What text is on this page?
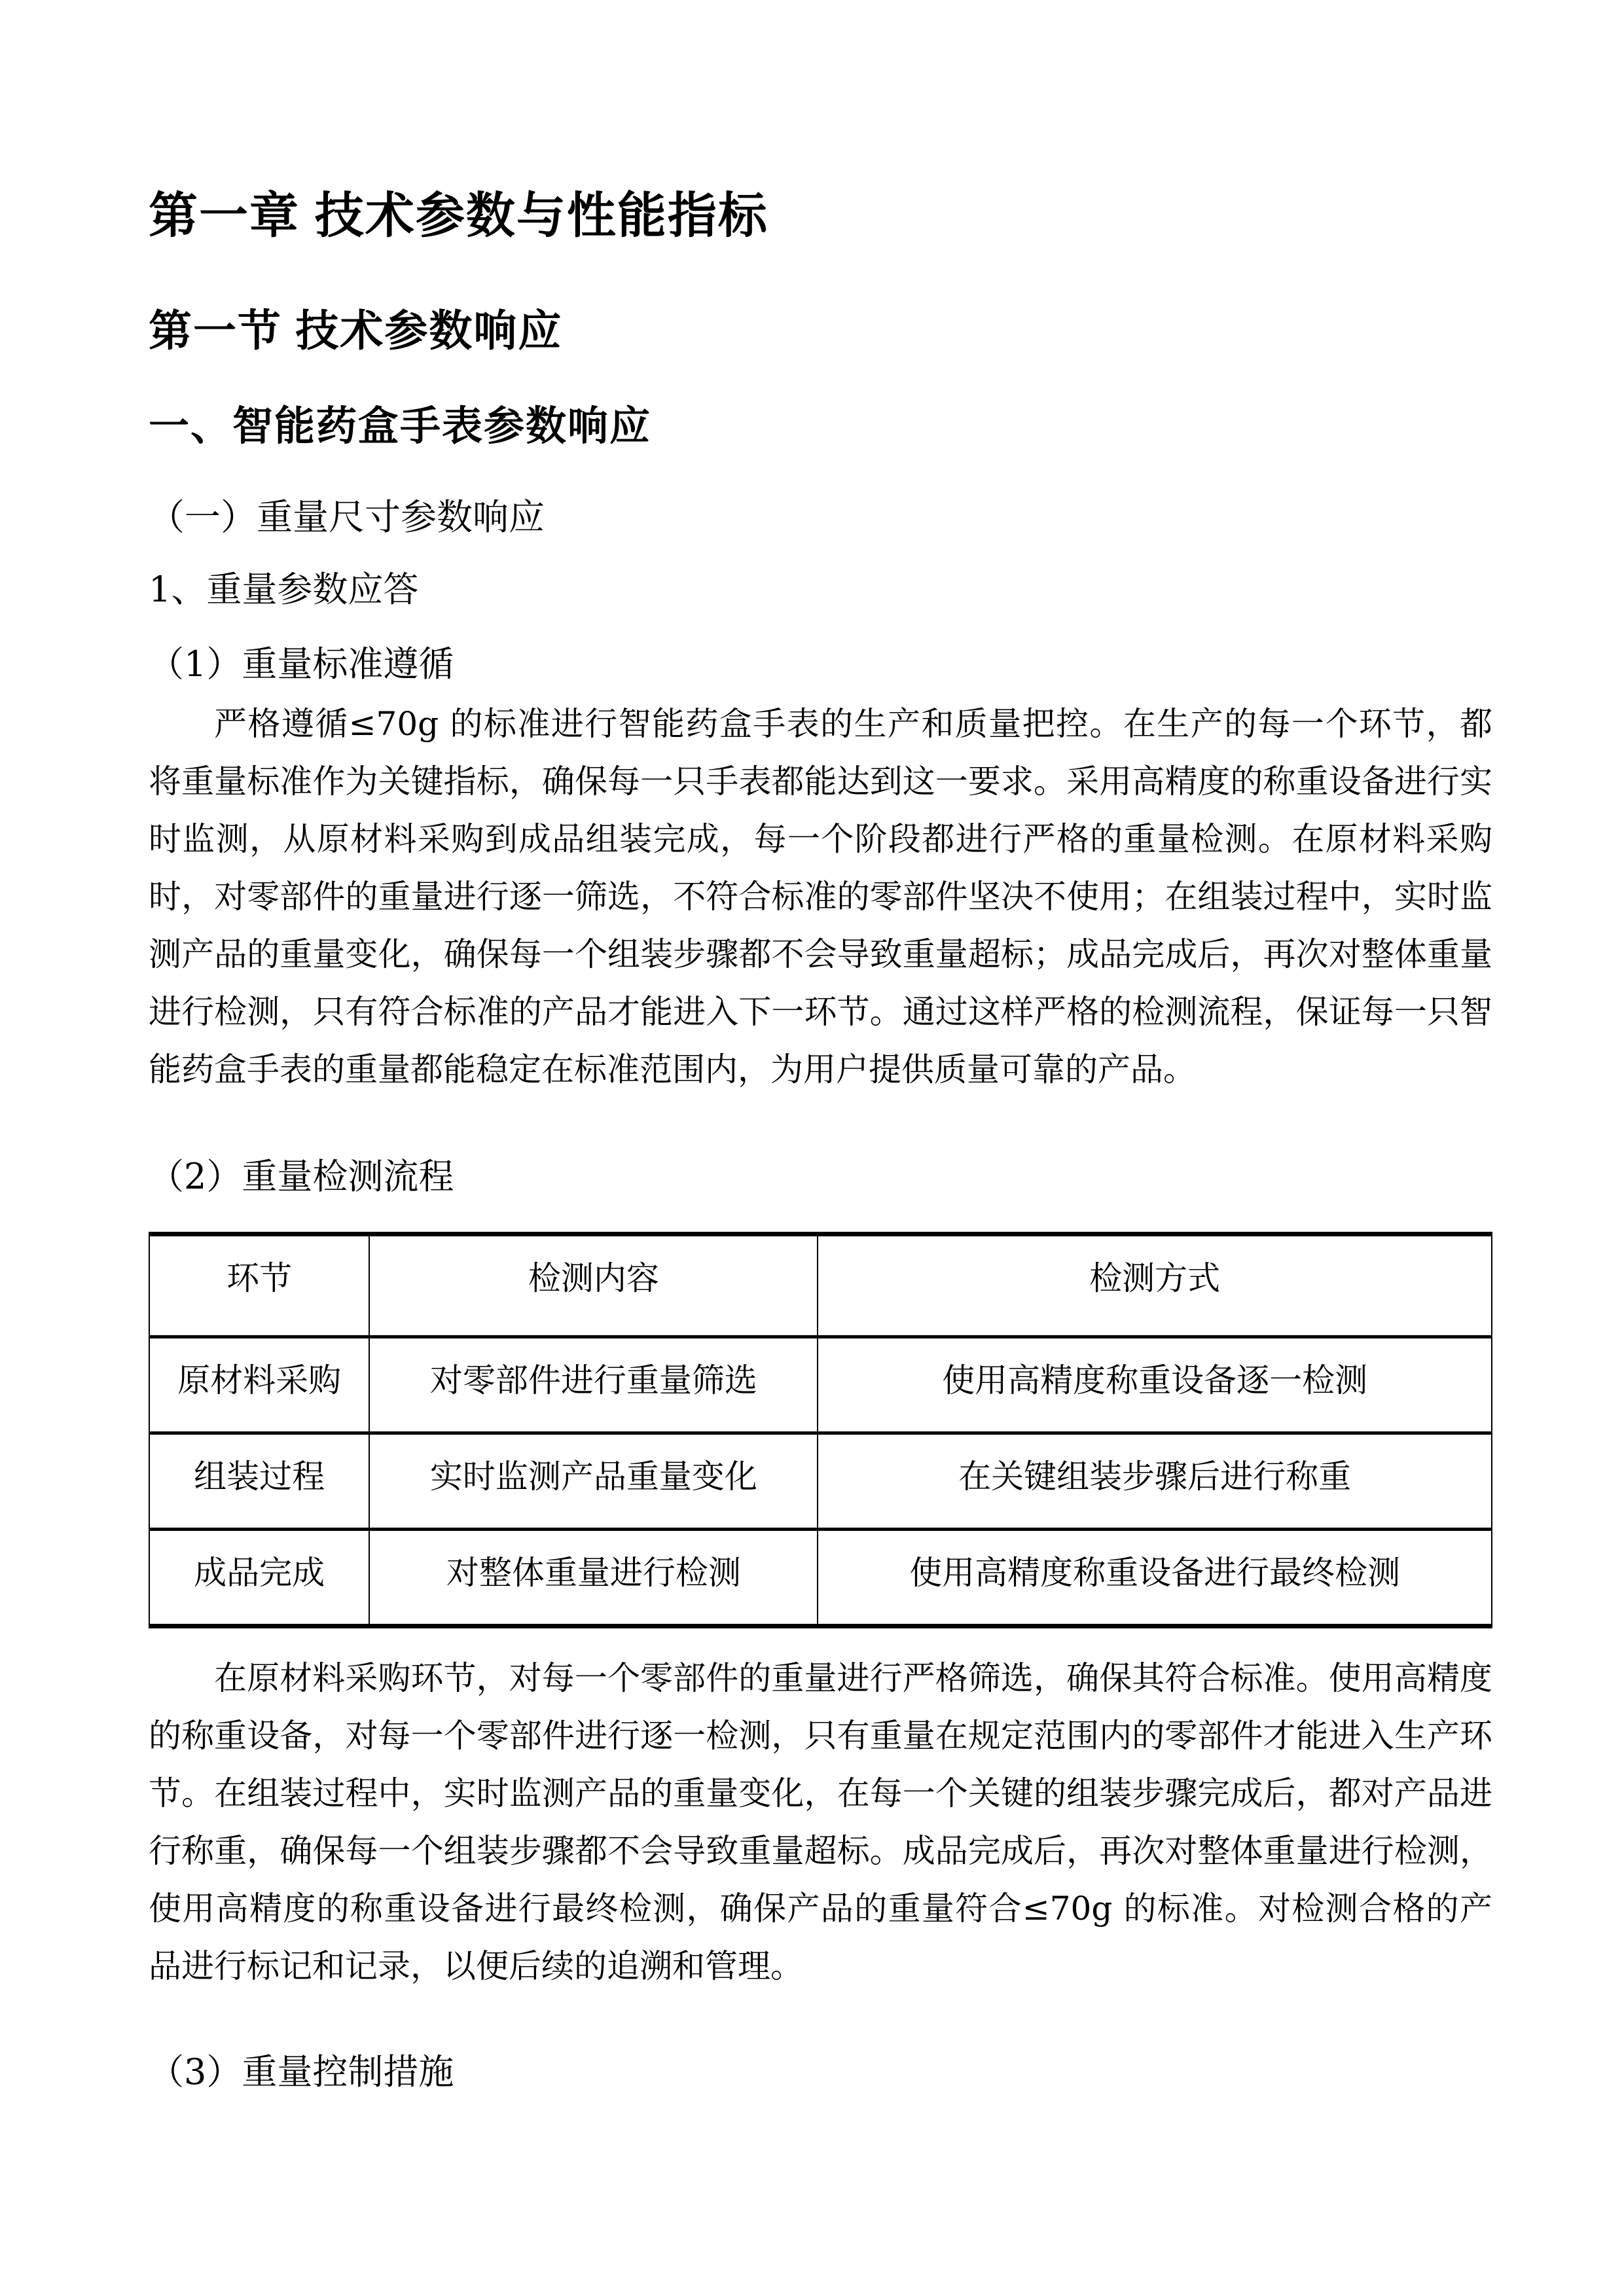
第一章 技术参数与性能指标
第一节 技术参数响应
一、智能药盒手表参数响应
（一）重量尺寸参数响应
1、重量参数应答
（1）重量标准遵循

严格遵循≤70g 的标准进行智能药盒手表的生产和质量把控。在生产的每一个环节，都将重量标准作为关键指标，确保每一只手表都能达到这一要求。采用高精度的称重设备进行实时监测，从原材料采购到成品组装完成，每一个阶段都进行严格的重量检测。在原材料采购时，对零部件的重量进行逐一筛选，不符合标准的零部件坚决不使用；在组装过程中，实时监测产品的重量变化，确保每一个组装步骤都不会导致重量超标；成品完成后，再次对整体重量进行检测，只有符合标准的产品才能进入下一环节。通过这样严格的检测流程，保证每一只智能药盒手表的重量都能稳定在标准范围内，为用户提供质量可靠的产品。

（2）重量检测流程
环节	检测内容	检测方式
原材料采购	对零部件进行重量筛选	使用高精度称重设备逐一检测
组装过程	实时监测产品重量变化	在关键组装步骤后进行称重
成品完成	对整体重量进行检测	使用高精度称重设备进行最终检测

在原材料采购环节，对每一个零部件的重量进行严格筛选，确保其符合标准。使用高精度的称重设备，对每一个零部件进行逐一检测，只有重量在规定范围内的零部件才能进入生产环节。在组装过程中，实时监测产品的重量变化，在每一个关键的组装步骤完成后，都对产品进行称重，确保每一个组装步骤都不会导致重量超标。成品完成后，再次对整体重量进行检测，使用高精度的称重设备进行最终检测，确保产品的重量符合≤70g 的标准。对检测合格的产品进行标记和记录，以便后续的追溯和管理。

（3）重量控制措施
